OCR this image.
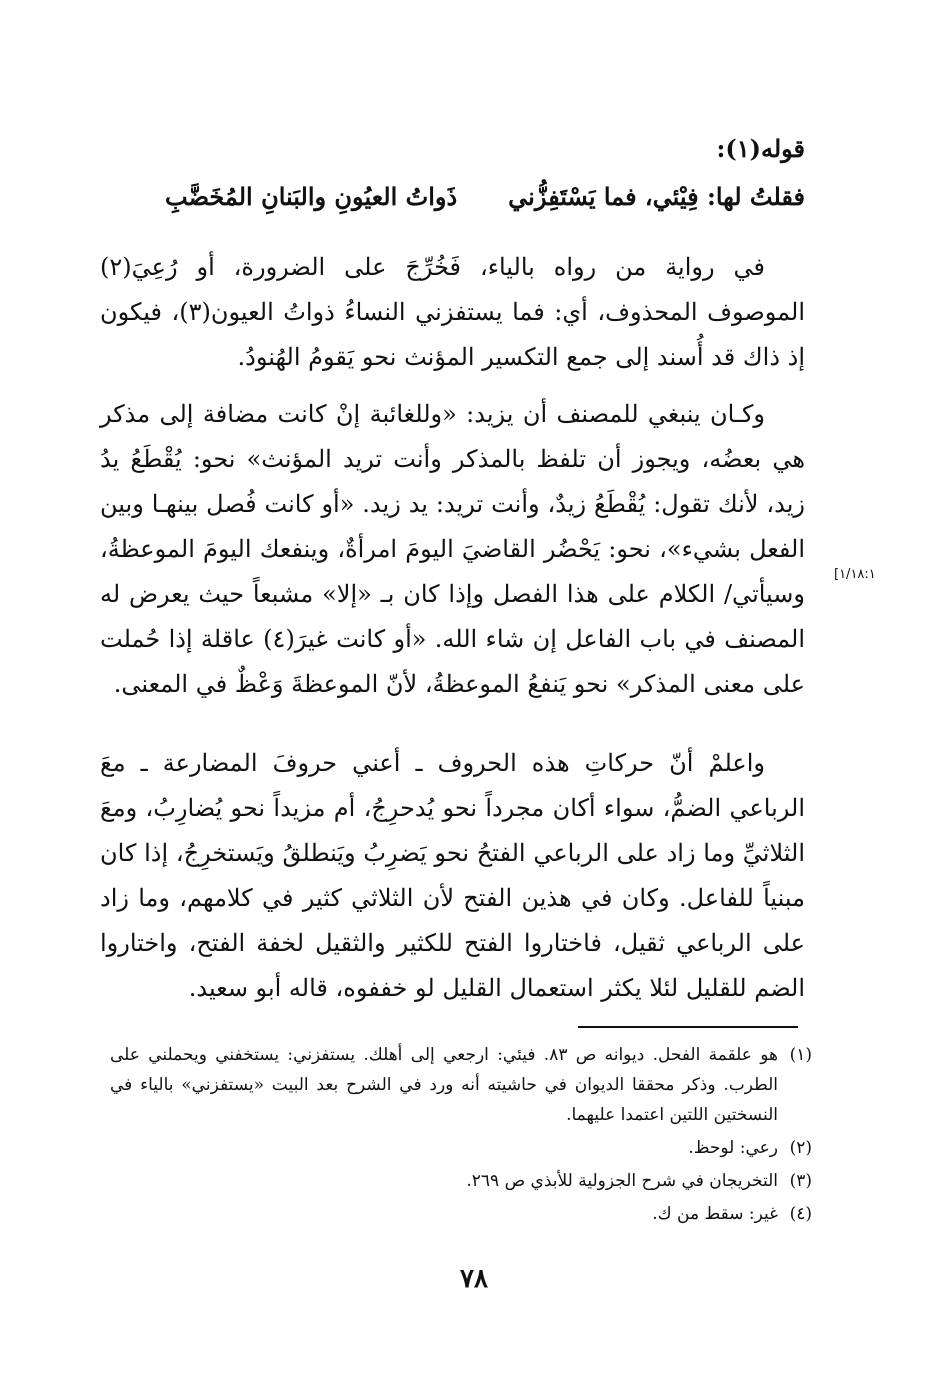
قوله(١):
فقلتُ لها: فِيْئي، فما يَسْتَفِزُّني
ذَواتُ العيُونِ والبَنانِ المُخَضَّبِ

في رواية من رواه بالياء، فَخُرِّجَ على الضرورة، أو رُعِيَ(٢) الموصوف المحذوف، أي: فما يستفزني النساءُ ذواتُ العيون(٣)، فيكون إذ ذاك قد أُسند إلى جمع التكسير المؤنث نحو يَقومُ الهُنودُ.

وكـان ينبغي للمصنف أن يزيد: «وللغائبة إنْ كانت مضافة إلى مذكر هي بعضُه، ويجوز أن تلفظ بالمذكر وأنت تريد المؤنث» نحو: يُقْطَعُ يدُ زيد، لأنك تقول: يُقْطَعُ زيدٌ، وأنت تريد: يد زيد. «أو كانت فُصل بينهـا وبين الفعل بشيء»، نحو: يَحْضُر القاضيَ اليومَ امرأةٌ، وينفعك اليومَ الموعظةُ، وسيأتي/ الكلام على هذا الفصل وإذا كان بـ «إلا» مشبعاً حيث يعرض له المصنف في باب الفاعل إن شاء الله. «أو كانت غيرَ(٤) عاقلة إذا حُملت على معنى المذكر» نحو يَنفعُ الموعظةُ، لأنّ الموعظةَ وَعْظٌ في المعنى.

[١/١٨:١

واعلمْ أنّ حركاتِ هذه الحروف ـ أعني حروفَ المضارعة ـ معَ الرباعي الضمُّ، سواء أكان مجرداً نحو يُدحرِجُ، أم مزيداً نحو يُضارِبُ، ومعَ الثلاثيِّ وما زاد على الرباعي الفتحُ نحو يَضرِبُ ويَنطلقُ ويَستخرِجُ، إذا كان مبنياً للفاعل. وكان في هذين الفتح لأن الثلاثي كثير في كلامهم، وما زاد على الرباعي ثقيل، فاختاروا الفتح للكثير والثقيل لخفة الفتح، واختاروا الضم للقليل لئلا يكثر استعمال القليل لو خففوه، قاله أبو سعيد.

(١)
هو علقمة الفحل. ديوانه ص ٨٣. فيئي: ارجعي إلى أهلك. يستفزني: يستخفني ويحملني على الطرب. وذكر محققا الديوان في حاشيته أنه ورد في الشرح بعد البيت «يستفزني» بالياء في النسختين اللتين اعتمدا عليهما.
(٢)
رعي: لوحظ.
(٣)
التخريجان في شرح الجزولية للأبذي ص ٢٦٩.
(٤)
غير: سقط من ك.
٧٨
